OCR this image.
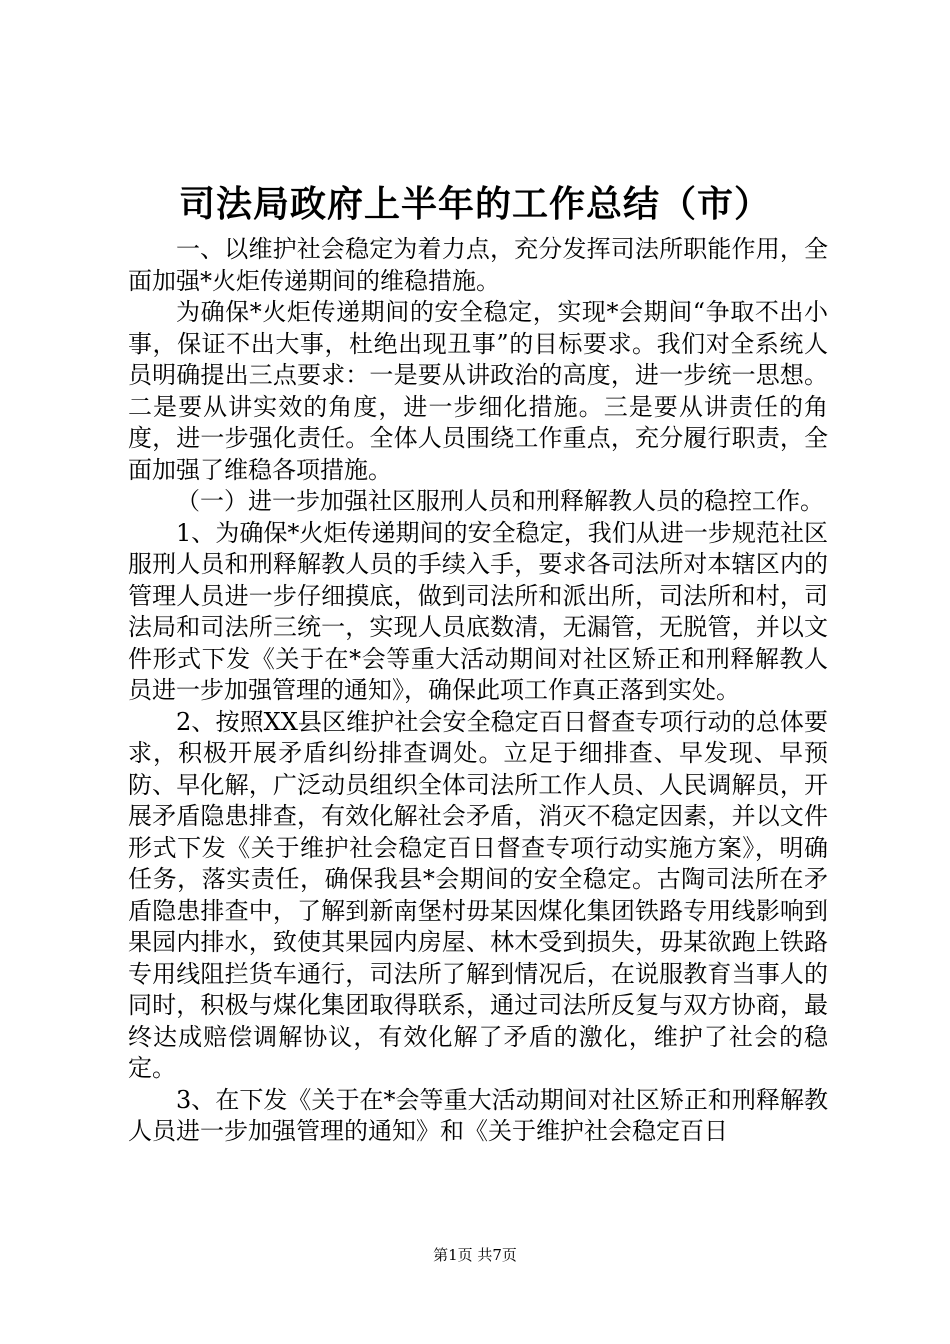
司法局政府上半年的工作总结（市）

一、以维护社会稳定为着力点，充分发挥司法所职能作用，全面加强*火炬传递期间的维稳措施。

为确保*火炬传递期间的安全稳定，实现*会期间“争取不出小事，保证不出大事，杜绝出现丑事”的目标要求。我们对全系统人员明确提出三点要求：一是要从讲政治的高度，进一步统一思想。二是要从讲实效的角度，进一步细化措施。三是要从讲责任的角度，进一步强化责任。全体人员围绕工作重点，充分履行职责，全面加强了维稳各项措施。

（一）进一步加强社区服刑人员和刑释解教人员的稳控工作。

1、为确保*火炬传递期间的安全稳定，我们从进一步规范社区服刑人员和刑释解教人员的手续入手，要求各司法所对本辖区内的管理人员进一步仔细摸底，做到司法所和派出所，司法所和村，司法局和司法所三统一，实现人员底数清，无漏管，无脱管，并以文件形式下发《关于在*会等重大活动期间对社区矫正和刑释解教人员进一步加强管理的通知》，确保此项工作真正落到实处。

2、按照XX县区维护社会安全稳定百日督查专项行动的总体要求，积极开展矛盾纠纷排查调处。立足于细排查、早发现、早预防、早化解，广泛动员组织全体司法所工作人员、人民调解员，开展矛盾隐患排查，有效化解社会矛盾，消灭不稳定因素，并以文件形式下发《关于维护社会稳定百日督查专项行动实施方案》，明确任务，落实责任，确保我县*会期间的安全稳定。古陶司法所在矛盾隐患排查中，了解到新南堡村毋某因煤化集团铁路专用线影响到果园内排水，致使其果园内房屋、林木受到损失，毋某欲跑上铁路专用线阻拦货车通行，司法所了解到情况后，在说服教育当事人的同时，积极与煤化集团取得联系，通过司法所反复与双方协商，最终达成赔偿调解协议，有效化解了矛盾的激化，维护了社会的稳定。

3、在下发《关于在*会等重大活动期间对社区矫正和刑释解教人员进一步加强管理的通知》和《关于维护社会稳定百日

第1页 共7页
